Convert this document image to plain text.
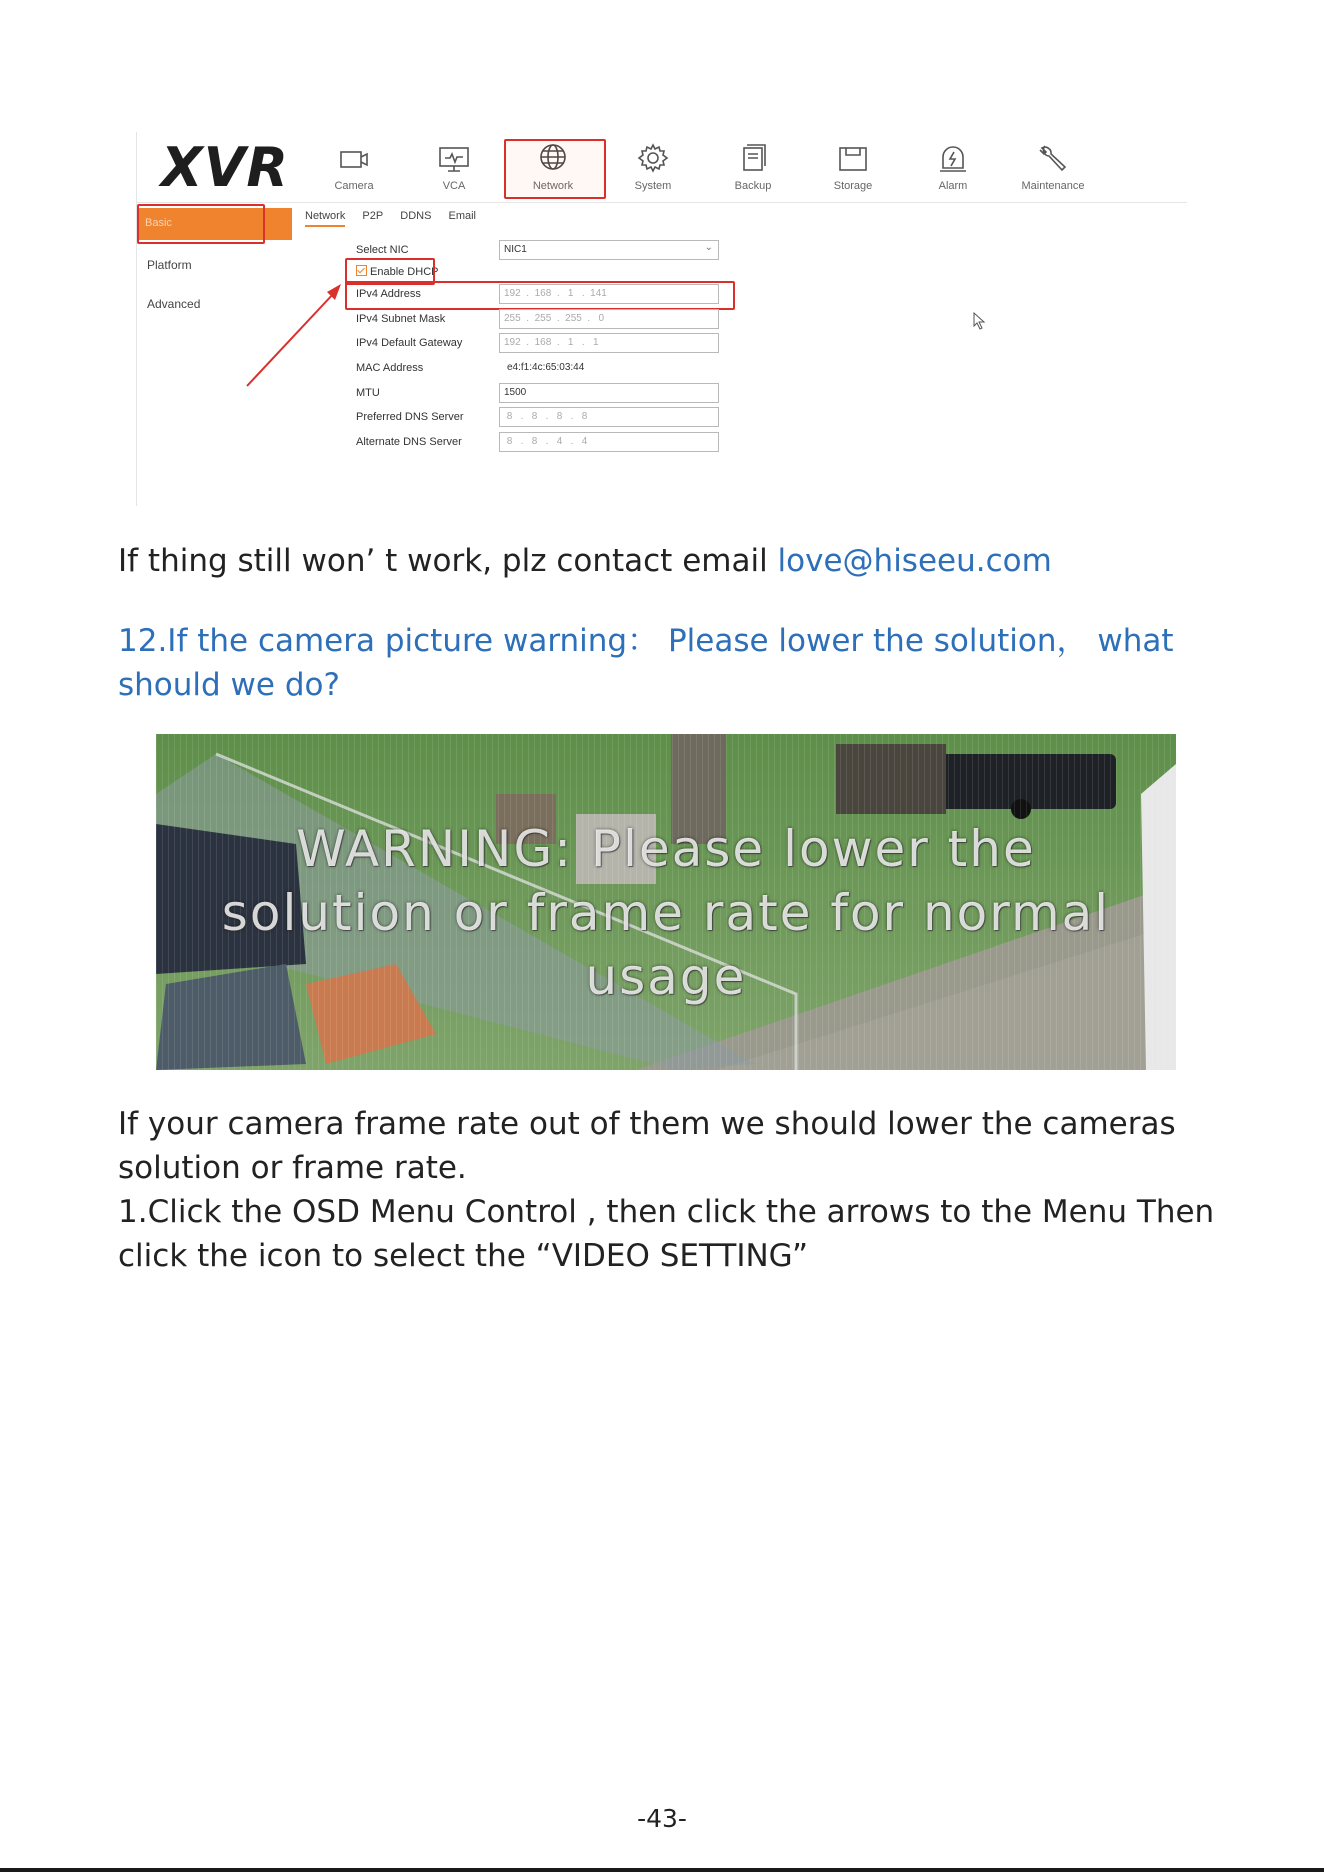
XVR	Camera	VCA	Network	System	Backup	Storage	Alarm	Maintenance
Basic
Platform
Advanced
Network P2P DDNS Email
Select NIC	NIC1	⌄
Enable DHCP
IPv4 Address	192  .  168  .   1   .  141
IPv4 Subnet Mask	255  .  255  .  255  .   0
IPv4 Default Gateway	192  .  168  .   1   .   1
MAC Address	e4:f1:4c:65:03:44
MTU	1500
Preferred DNS Server	8   .   8   .   8   .   8
Alternate DNS Server	8   .   8   .   4   .   4
If thing still won’ t work, plz contact email love@hiseeu.com
12.If the camera picture warning： Please lower the solution， what
should we do?
WARNING: Please lower the
solution or frame rate for normal
usage
If your camera frame rate out of them we should lower the cameras
solution or frame rate.
1.Click the OSD Menu Control , then click the arrows to the Menu Then
click the icon to select the “VIDEO SETTING”
-43-
